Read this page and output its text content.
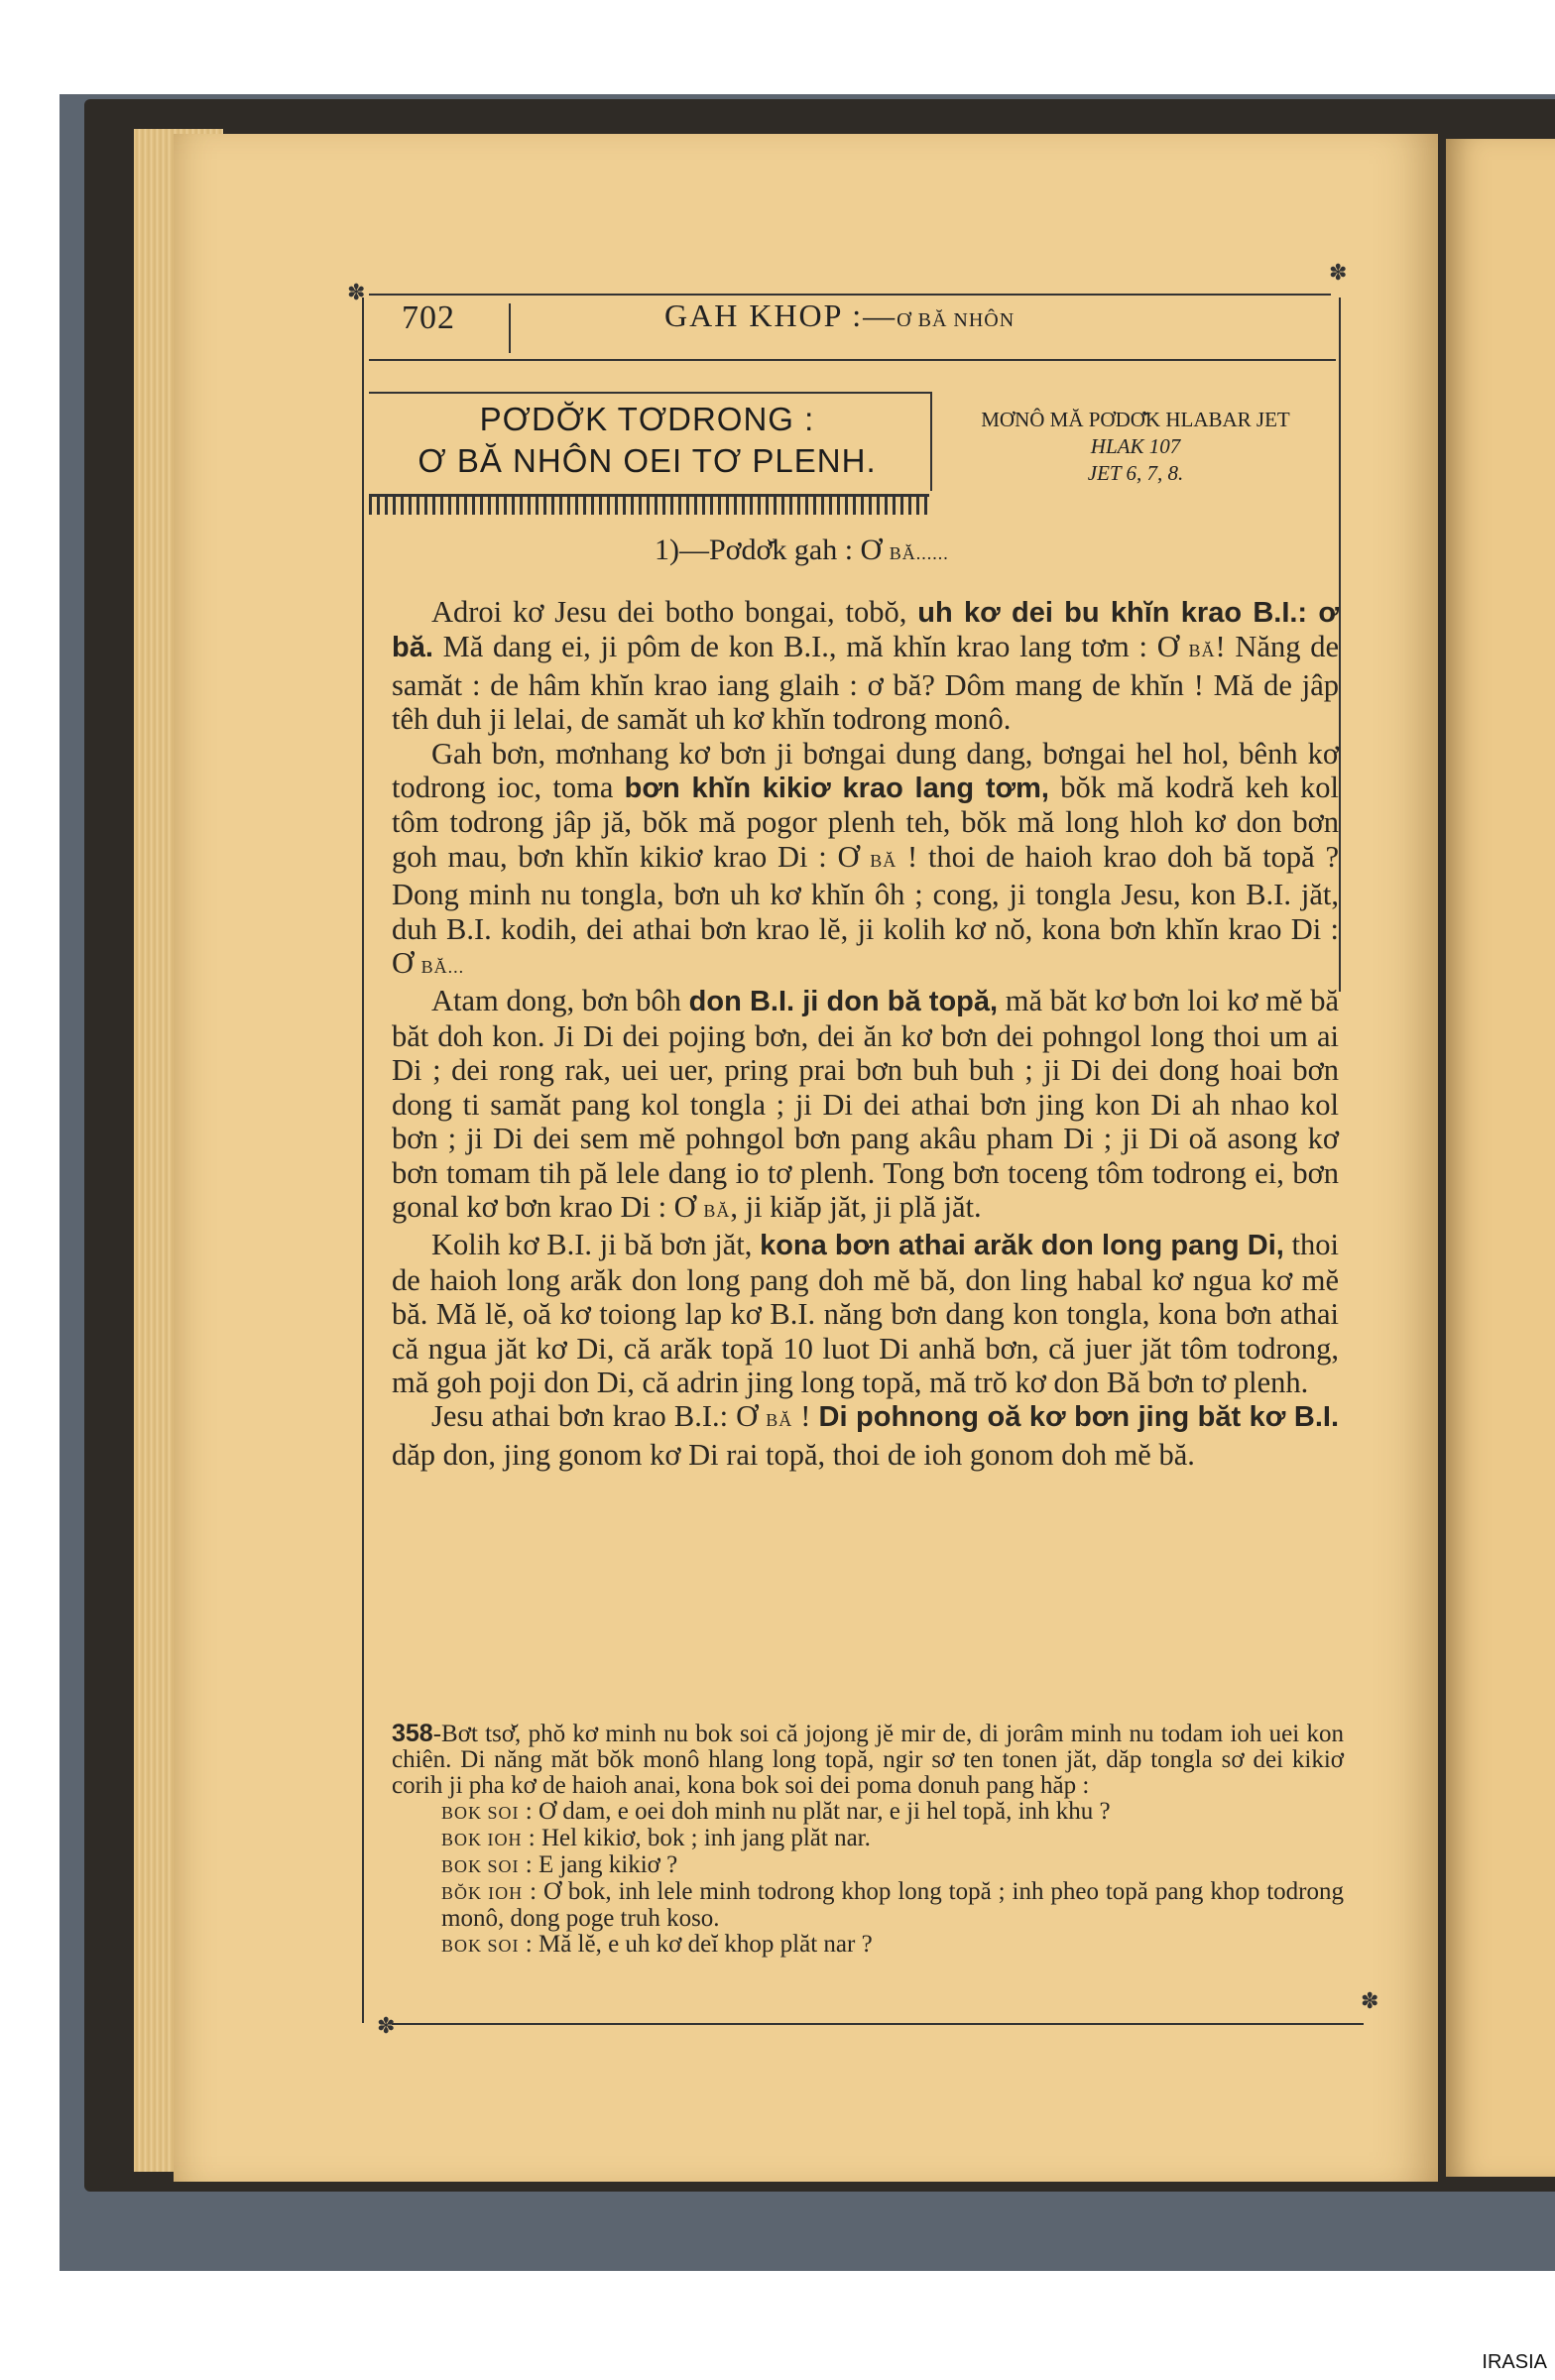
✽
✽
✽
✽
702	GAH KHOP :—Ơ BĂ NHÔN
PƠDƠ̆K TƠDRONG :
Ơ BĂ NHÔN OEI TƠ PLENH.
MƠNÔ MĂ PƠDƠ̆K HLABAR JET
HLAK 107
JET 6, 7, 8.
1)—Pơdơ̆k gah : Ơ BĂ......

Adroi kơ Jesu dei botho bongai, tobŏ, uh kơ dei bu khĭn krao B.I.: ơ bă. Mă dang ei, ji pôm de kon B.I., mă khĭn krao lang tơm : Ơ BĂ! Năng de samăt : de hâm khĭn krao iang glaih : ơ bă? Dôm mang de khĭn ! Mă de jâp têh duh ji lelai, de samăt uh kơ khĭn todrong monô.

Gah bơn, mơnhang kơ bơn ji bơngai dung dang, bơngai hel hol, bênh kơ todrong ioc, toma bơn khĭn kikiơ krao lang tơm, bŏk mă kodră keh kol tôm todrong jâp jă, bŏk mă pogor plenh teh, bŏk mă long hloh kơ don bơn goh mau, bơn khĭn kikiơ krao Di : Ơ BĂ ! thoi de haioh krao doh bă topă ? Dong minh nu tongla, bơn uh kơ khĭn ôh ; cong, ji tongla Jesu, kon B.I. jăt, duh B.I. kodih, dei athai bơn krao lĕ, ji kolih kơ nŏ, kona bơn khĭn krao Di : Ơ BĂ...

Atam dong, bơn bôh don B.I. ji don bă topă, mă băt kơ bơn loi kơ mĕ bă băt doh kon. Ji Di dei pojing bơn, dei ăn kơ bơn dei pohngol long thoi um ai Di ; dei rong rak, uei uer, pring prai bơn buh buh ; ji Di dei dong hoai bơn dong ti samăt pang kol tongla ; ji Di dei athai bơn jing kon Di ah nhao kol bơn ; ji Di dei sem mĕ pohngol bơn pang akâu pham Di ; ji Di oă asong kơ bơn tomam tih pă lele dang io tơ plenh. Tong bơn toceng tôm todrong ei, bơn gonal kơ bơn krao Di : Ơ BĂ, ji kiăp jăt, ji plă jăt.

Kolih kơ B.I. ji bă bơn jăt, kona bơn athai arăk don long pang Di, thoi de haioh long arăk don long pang doh mĕ bă, don ling habal kơ ngua kơ mĕ bă. Mă lĕ, oă kơ toiong lap kơ B.I. năng bơn dang kon tongla, kona bơn athai că ngua jăt kơ Di, că arăk topă 10 luot Di anhă bơn, că juer jăt tôm todrong, mă goh poji don Di, că adrin jing long topă, mă trŏ kơ don Bă bơn tơ plenh.

Jesu athai bơn krao B.I.: Ơ BĂ ! Di pohnong oă kơ bơn jing băt kơ B.I. dăp don, jing gonom kơ Di rai topă, thoi de ioh gonom doh mĕ bă.

358-Bơt tsơ̆, phŏ kơ minh nu bok soi că jojong jĕ mir de, di jorâm minh nu todam ioh uei kon chiên. Di năng măt bŏk monô hlang long topă, ngir sơ ten tonen jăt, dăp tongla sơ dei kikiơ corih ji pha kơ de haioh anai, kona bok soi dei poma donuh pang hăp :
BOK SOI : Ơ dam, e oei doh minh nu plăt nar, e ji hel topă, inh khu ?
BOK IOH : Hel kikiơ, bok ; inh jang plăt nar.
BOK SOI : E jang kikiơ ?
BŎK IOH : Ơ bok, inh lele minh todrong khop long topă ; inh pheo topă pang khop todrong monô, dong poge truh koso.
BOK SOI : Mă lĕ, e uh kơ deĭ khop plăt nar ?
IRASIA
